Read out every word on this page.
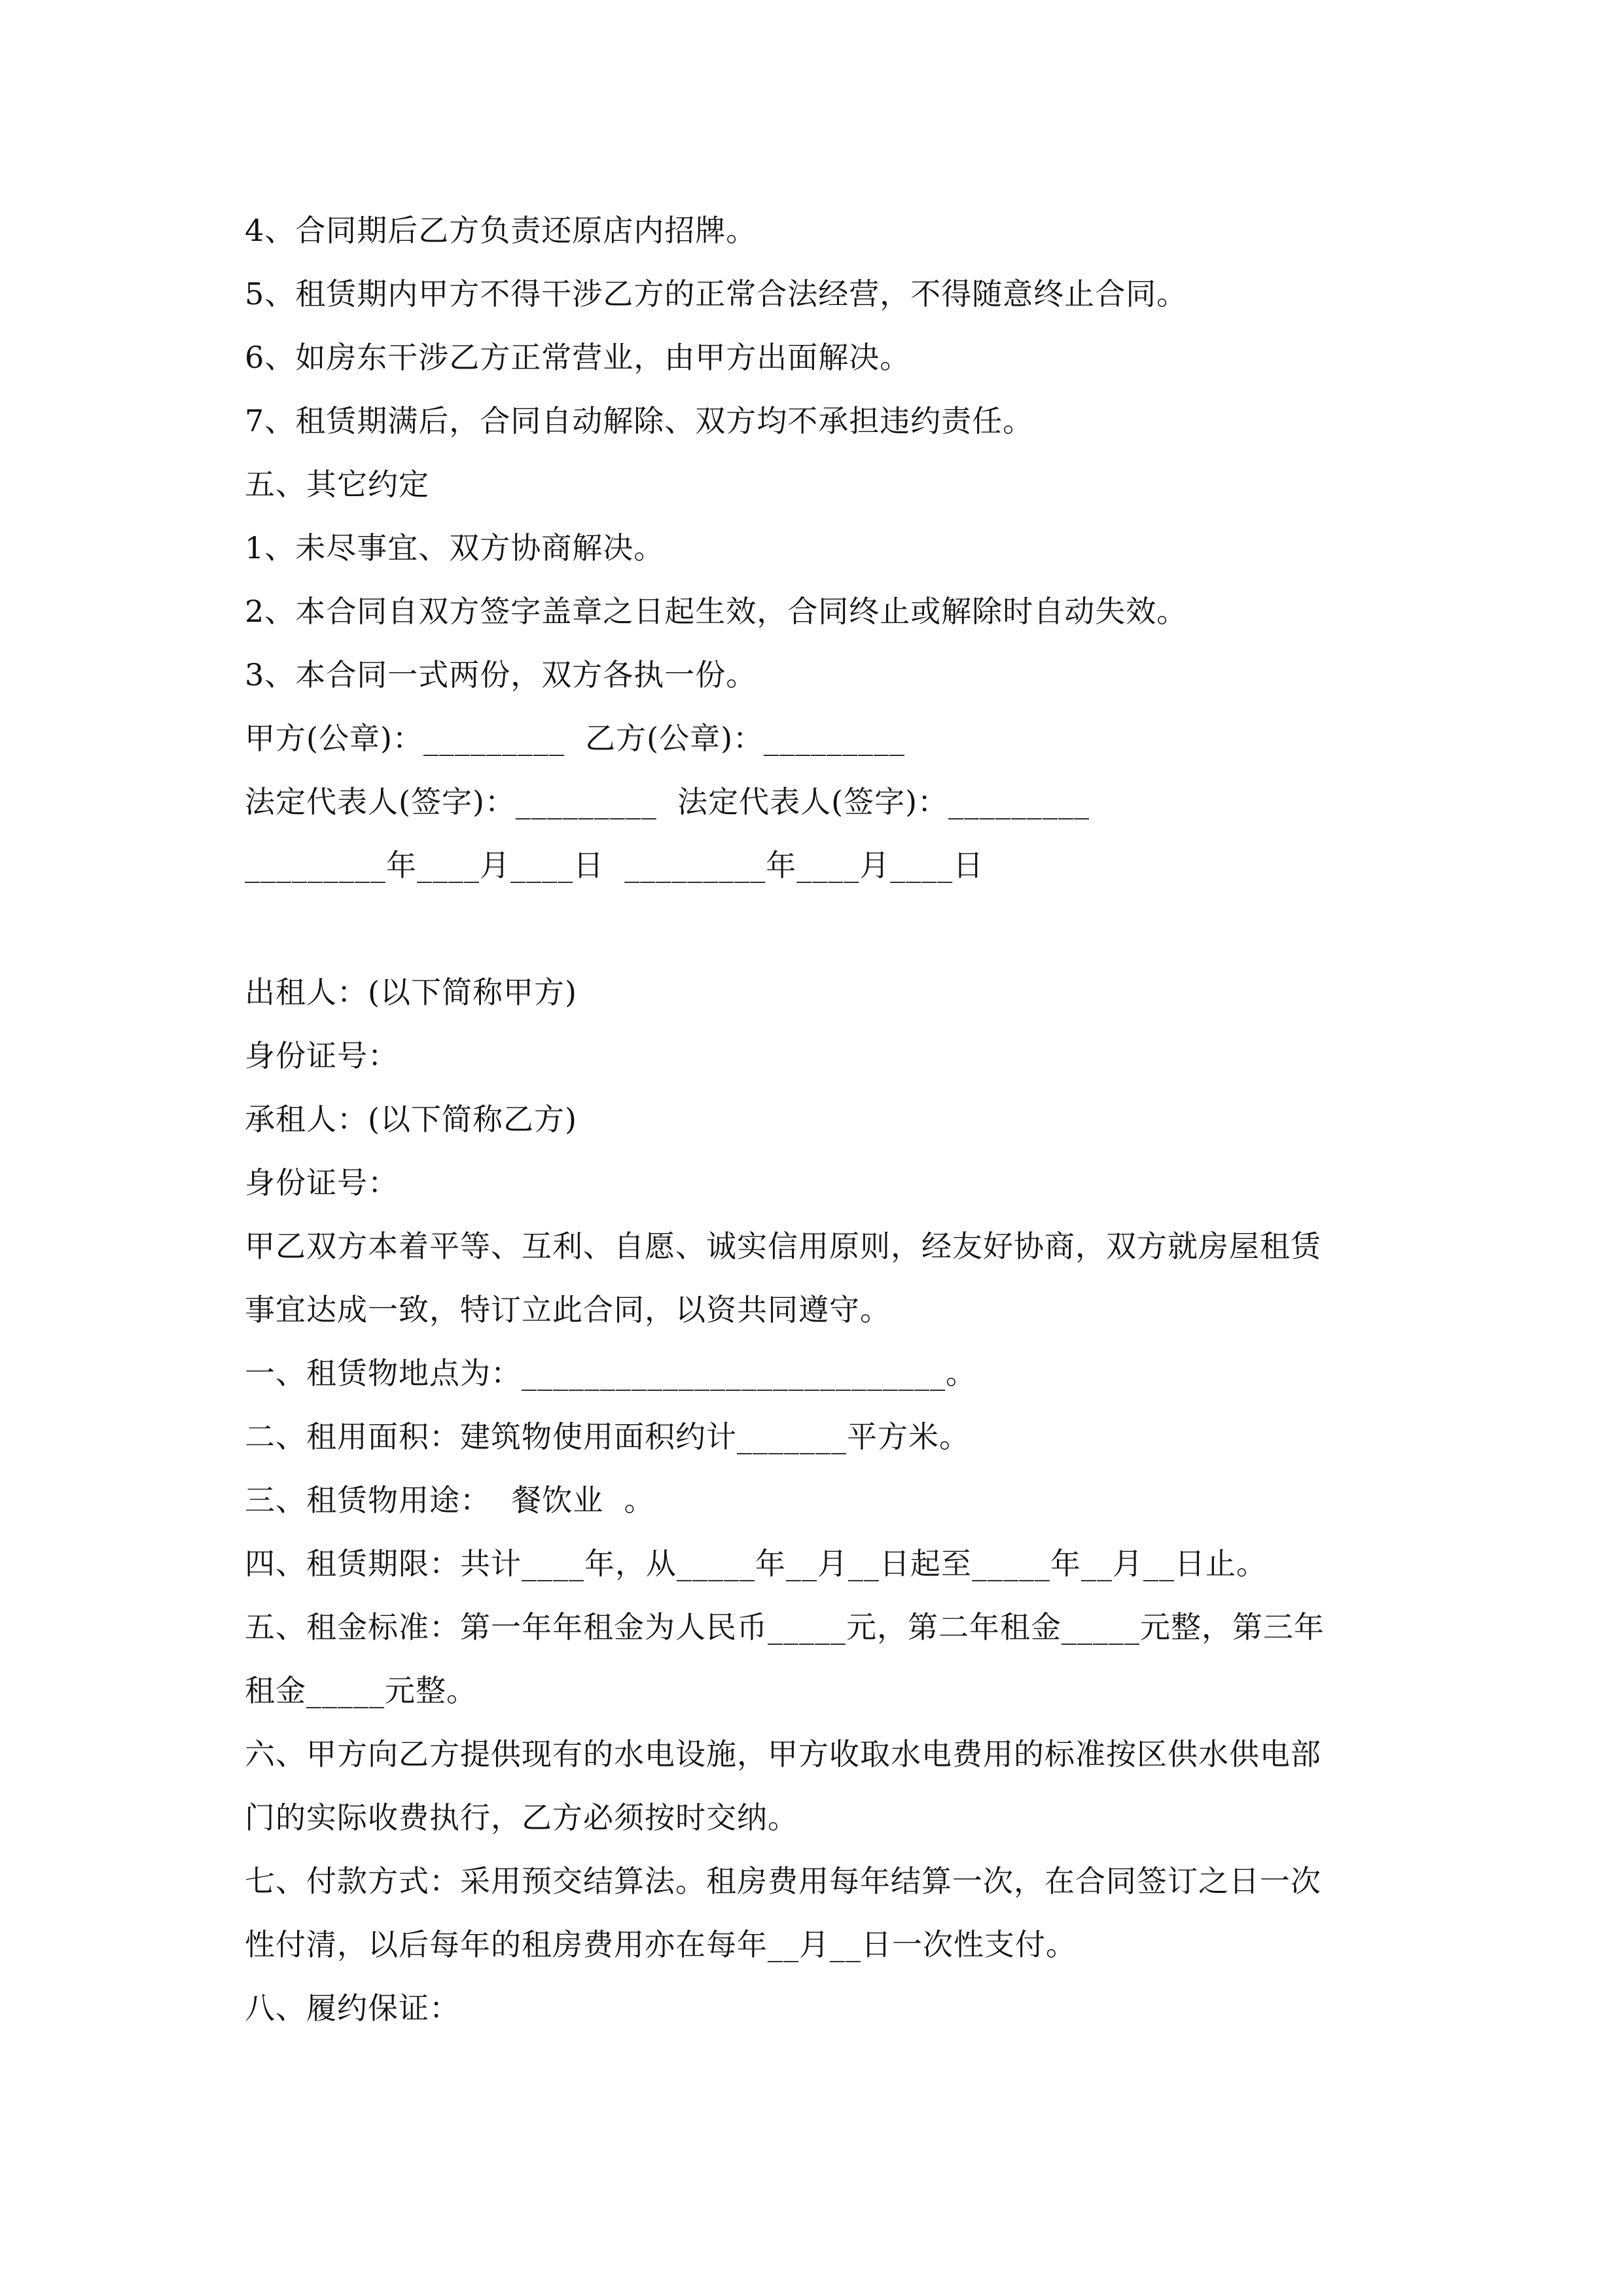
4、合同期后乙方负责还原店内招牌。
5、租赁期内甲方不得干涉乙方的正常合法经营，不得随意终止合同。
6、如房东干涉乙方正常营业，由甲方出面解决。
7、租赁期满后，合同自动解除、双方均不承担违约责任。
五、其它约定
1、未尽事宜、双方协商解决。
2、本合同自双方签字盖章之日起生效，合同终止或解除时自动失效。
3、本合同一式两份，双方各执一份。
甲方(公章)：_________  乙方(公章)：_________
法定代表人(签字)：_________  法定代表人(签字)：_________
_________年____月____日  _________年____月____日
出租人：(以下简称甲方)
身份证号：
承租人：(以下简称乙方)
身份证号：
甲乙双方本着平等、互利、自愿、诚实信用原则，经友好协商，双方就房屋租赁
事宜达成一致，特订立此合同，以资共同遵守。
一、租赁物地点为：___________________________。
二、租用面积：建筑物使用面积约计_______平方米。
三、租赁物用途：  餐饮业  。
四、租赁期限：共计____年，从_____年__月__日起至_____年__月__日止。
五、租金标准：第一年年租金为人民币_____元，第二年租金_____元整，第三年
租金_____元整。
六、甲方向乙方提供现有的水电设施，甲方收取水电费用的标准按区供水供电部
门的实际收费执行，乙方必须按时交纳。
七、付款方式：采用预交结算法。租房费用每年结算一次，在合同签订之日一次
性付清，以后每年的租房费用亦在每年__月__日一次性支付。
八、履约保证：
